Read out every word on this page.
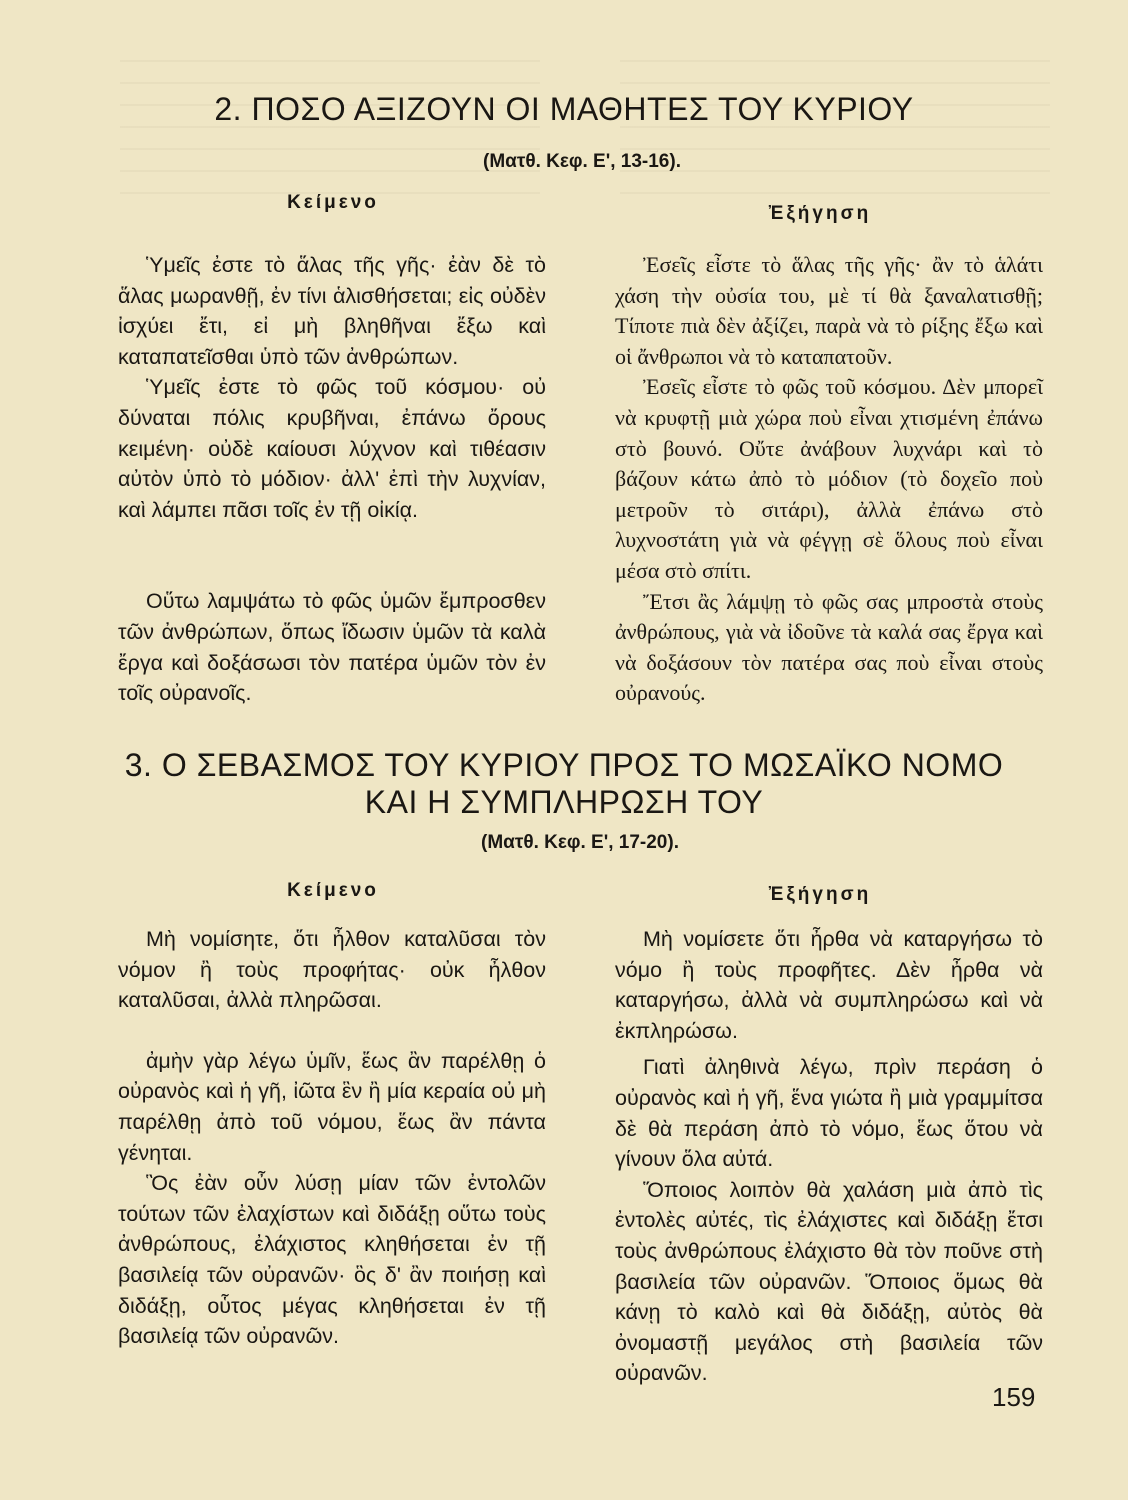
2. ΠΟΣΟ ΑΞΙΖΟΥΝ ΟΙ ΜΑΘΗΤΕΣ ΤΟΥ ΚΥΡΙΟΥ
(Ματθ. Κεφ. Ε', 13-16).
Κείμενο
Ἐξήγηση

Ὑμεῖς ἐστε τὸ ἅλας τῆς γῆς· ἐὰν δὲ τὸ ἅλας μωρανθῇ, ἐν τίνι ἁλισθήσεται; εἰς οὐδὲν ἰσχύει ἔτι, εἰ μὴ βληθῆναι ἔξω καὶ καταπατεῖσθαι ὑπὸ τῶν ἀνθρώπων.

Ὑμεῖς ἐστε τὸ φῶς τοῦ κόσμου· οὐ δύναται πόλις κρυβῆναι, ἐπάνω ὄρους κειμένη· οὐδὲ καίουσι λύχνον καὶ τιθέασιν αὐτὸν ὑπὸ τὸ μόδιον· ἀλλ' ἐπὶ τὴν λυχνίαν, καὶ λάμπει πᾶσι τοῖς ἐν τῇ οἰκίᾳ.

Οὕτω λαμψάτω τὸ φῶς ὑμῶν ἔμπροσθεν τῶν ἀνθρώπων, ὅπως ἴδωσιν ὑμῶν τὰ καλὰ ἔργα καὶ δοξάσωσι τὸν πατέρα ὑμῶν τὸν ἐν τοῖς οὐρανοῖς.

Ἐσεῖς εἶστε τὸ ἅλας τῆς γῆς· ἂν τὸ ἁλάτι χάση τὴν οὐσία του, μὲ τί θὰ ξαναλατισθῇ; Τίποτε πιὰ δὲν ἀξίζει, παρὰ νὰ τὸ ρίξης ἔξω καὶ οἱ ἄνθρωποι νὰ τὸ καταπατοῦν.

Ἐσεῖς εἶστε τὸ φῶς τοῦ κόσμου. Δὲν μπορεῖ νὰ κρυφτῇ μιὰ χώρα ποὺ εἶναι χτισμένη ἐπάνω στὸ βουνό. Οὔτε ἀνάβουν λυχνάρι καὶ τὸ βάζουν κάτω ἀπὸ τὸ μόδιον (τὸ δοχεῖο ποὺ μετροῦν τὸ σιτάρι), ἀλλὰ ἐπάνω στὸ λυχνοστάτη γιὰ νὰ φέγγῃ σὲ ὅλους ποὺ εἶναι μέσα στὸ σπίτι.

Ἔτσι ἂς λάμψῃ τὸ φῶς σας μπροστὰ στοὺς ἀνθρώπους, γιὰ νὰ ἰδοῦνε τὰ καλά σας ἔργα καὶ νὰ δοξάσουν τὸν πατέρα σας ποὺ εἶναι στοὺς οὐρανούς.

3. Ο ΣΕΒΑΣΜΟΣ ΤΟΥ ΚΥΡΙΟΥ ΠΡΟΣ ΤΟ ΜΩΣΑΪΚΟ ΝΟΜΟ
ΚΑΙ Η ΣΥΜΠΛΗΡΩΣΗ ΤΟΥ
(Ματθ. Κεφ. Ε', 17-20).
Κείμενο	Ἐξήγηση

Μὴ νομίσητε, ὅτι ἦλθον καταλῦσαι τὸν νόμον ἢ τοὺς προφήτας· οὐκ ἦλθον καταλῦσαι, ἀλλὰ πληρῶσαι.

ἀμὴν γὰρ λέγω ὑμῖν, ἕως ἂν παρέλθῃ ὁ οὐρανὸς καὶ ἡ γῆ, ἰῶτα ἓν ἢ μία κεραία οὐ μὴ παρέλθῃ ἀπὸ τοῦ νόμου, ἕως ἂν πάντα γένηται.

Ὃς ἐὰν οὖν λύσῃ μίαν τῶν ἐντολῶν τούτων τῶν ἐλαχίστων καὶ διδάξῃ οὕτω τοὺς ἀνθρώπους, ἐλάχιστος κληθήσεται ἐν τῇ βασιλείᾳ τῶν οὐρανῶν· ὃς δ' ἂν ποιήσῃ καὶ διδάξῃ, οὗτος μέγας κληθήσεται ἐν τῇ βασιλείᾳ τῶν οὐρανῶν.

Μὴ νομίσετε ὅτι ἦρθα νὰ καταργήσω τὸ νόμο ἢ τοὺς προφῆτες. Δὲν ἦρθα νὰ καταργήσω, ἀλλὰ νὰ συμπληρώσω καὶ νὰ ἐκπληρώσω.

Γιατὶ ἀληθινὰ λέγω, πρὶν περάση ὁ οὐρανὸς καὶ ἡ γῆ, ἕνα γιώτα ἢ μιὰ γραμμίτσα δὲ θὰ περάση ἀπὸ τὸ νόμο, ἕως ὅτου νὰ γίνουν ὅλα αὐτά.

Ὅποιος λοιπὸν θὰ χαλάση μιὰ ἀπὸ τὶς ἐντολὲς αὐτές, τὶς ἐλάχιστες καὶ διδάξῃ ἔτσι τοὺς ἀνθρώπους ἐλάχιστο θὰ τὸν ποῦνε στὴ βασιλεία τῶν οὐρανῶν. Ὅποιος ὅμως θὰ κάνῃ τὸ καλὸ καὶ θὰ διδάξῃ, αὐτὸς θὰ ὀνομαστῇ μεγάλος στὴ βασιλεία τῶν οὐρανῶν.

159
